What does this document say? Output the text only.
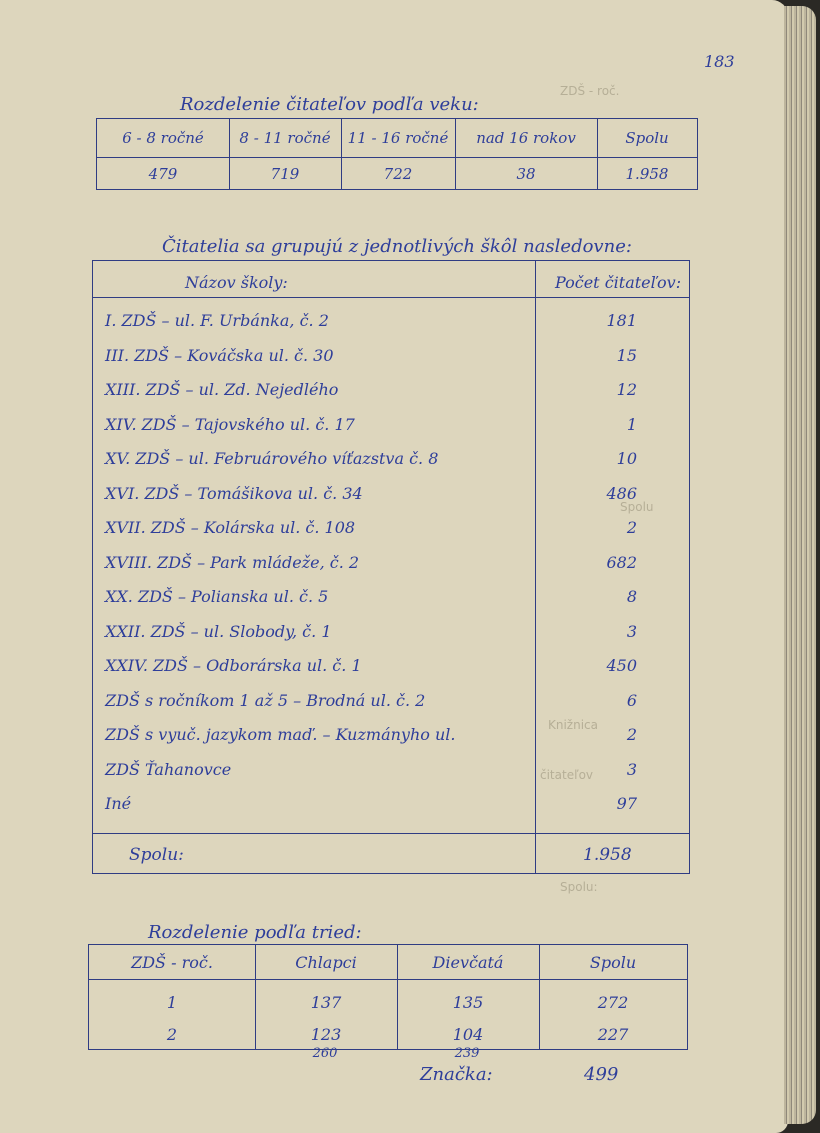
ZDŠ - roč.
Spolu
Knižnica
čitateľov
Spolu:
183
Rozdelenie čitateľov podľa veku:
6 - 8 ročné	8 - 11 ročné	11 - 16 ročné	nad 16 rokov	Spolu
479	719	722	38	1.958
Čitatelia sa grupujú z jednotlivých škôl nasledovne:
Názov školy:	Počet čitateľov:
I. ZDŠ – ul. F. Urbánka, č. 2	181
III. ZDŠ – Kováčska ul. č. 30	15
XIII. ZDŠ – ul. Zd. Nejedlého	12
XIV. ZDŠ – Tajovského ul. č. 17	1
XV. ZDŠ – ul. Februárového víťazstva č. 8	10
XVI. ZDŠ – Tomášikova ul. č. 34	486
XVII. ZDŠ – Kolárska ul. č. 108	2
XVIII. ZDŠ – Park mládeže, č. 2	682
XX. ZDŠ – Polianska ul. č. 5	8
XXII. ZDŠ – ul. Slobody, č. 1	3
XXIV. ZDŠ – Odborárska ul. č. 1	450
ZDŠ s ročníkom 1 až 5 – Brodná ul. č. 2	6
ZDŠ s vyuč. jazykom maď. – Kuzmányho ul.	2
ZDŠ Ťahanovce	3
Iné	97
Spolu:	1.958
Rozdelenie podľa tried:
ZDŠ - roč.	Chlapci	Dievčatá	Spolu
1	137	135	272
2	123	104	227
260	239
Značka:	499
